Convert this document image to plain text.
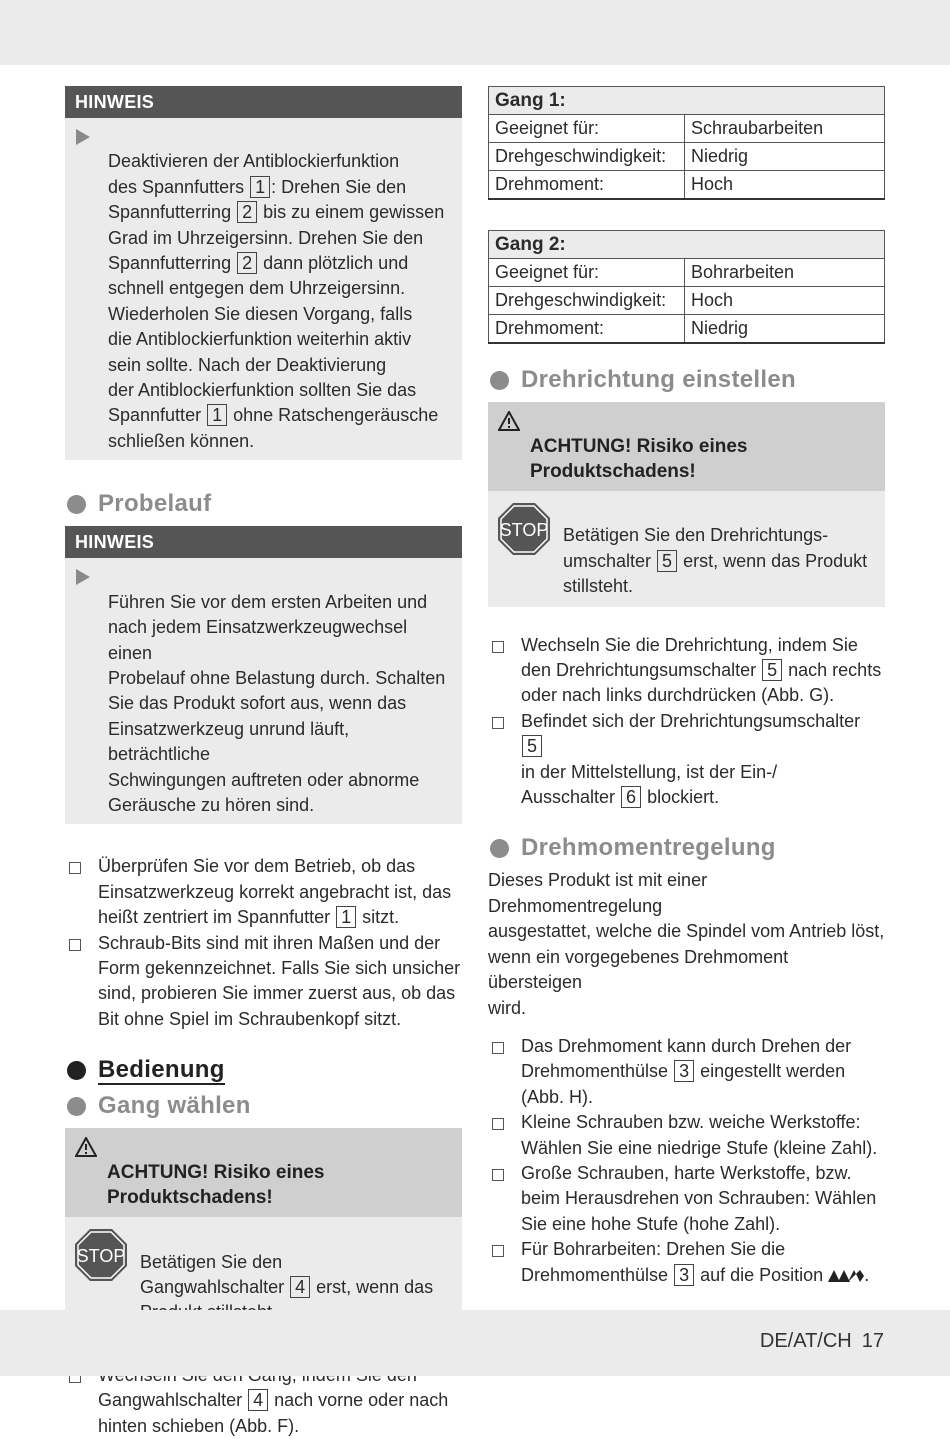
HINWEIS

Deaktivieren der Antiblockierfunktion
des Spannfutters 1 : Drehen Sie den
Spannfutterring 2 bis zu einem gewissen
Grad im Uhrzeigersinn. Drehen Sie den
Spannfutterring 2 dann plötzlich und
schnell entgegen dem Uhrzeigersinn.
Wiederholen Sie diesen Vorgang, falls
die Antiblockierfunktion weiterhin aktiv
sein sollte. Nach der Deaktivierung
der Antiblockierfunktion sollten Sie das
Spannfutter 1 ohne Ratschengeräusche
schließen können.

Probelauf
HINWEIS

Führen Sie vor dem ersten Arbeiten und
nach jedem Einsatzwerkzeugwechsel einen
Probelauf ohne Belastung durch. Schalten
Sie das Produkt sofort aus, wenn das
Einsatzwerkzeug unrund läuft, beträchtliche
Schwingungen auftreten oder abnorme
Geräusche zu hören sind.

Überprüfen Sie vor dem Betrieb, ob das
Einsatzwerkzeug korrekt angebracht ist, das
heißt zentriert im Spannfutter 1 sitzt.
Schraub-Bits sind mit ihren Maßen und der
Form gekennzeichnet. Falls Sie sich unsicher
sind, probieren Sie immer zuerst aus, ob das
Bit ohne Spiel im Schraubenkopf sitzt.
Bedienung
Gang wählen

ACHTUNG! Risiko eines
Produktschadens!

STOP Betätigen Sie den
Gangwahlschalter 4 erst, wenn das

Gangwahlschalter 4 nach vorne oder nach
hinten schieben (Abb. F).
Gang 1:	
Geeignet für:	Schraubarbeiten
Drehgeschwindigkeit:	Niedrig
Drehmoment:	Hoch
Gang 2:	
Geeignet für:	Bohrarbeiten
Drehgeschwindigkeit:	Hoch
Drehmoment:	Niedrig
Drehrichtung einstellen

ACHTUNG! Risiko eines
Produktschadens!

STOP Betätigen Sie den Drehrichtungs-
umschalter 5 erst, wenn das Produkt
stillsteht.

Wechseln Sie die Drehrichtung, indem Sie
den Drehrichtungsumschalter 5 nach rechts
oder nach links durchdrücken (Abb. G).
Befindet sich der Drehrichtungsumschalter 5
in der Mittelstellung, ist der Ein-/
Ausschalter 6 blockiert.
Drehmomentregelung
Dieses Produkt ist mit einer Drehmomentregelung
ausgestattet, welche die Spindel vom Antrieb löst,
wenn ein vorgegebenes Drehmoment übersteigen
wird.
Das Drehmoment kann durch Drehen der
Drehmomenthülse 3 eingestellt werden
(Abb. H).
Kleine Schrauben bzw. weiche Werkstoffe:
Wählen Sie eine niedrige Stufe (kleine Zahl).
Große Schrauben, harte Werkstoffe, bzw.
beim Herausdrehen von Schrauben: Wählen
Sie eine hohe Stufe (hohe Zahl).
Für Bohrarbeiten: Drehen Sie die
Drehmomenthülse 3 auf die Position .
DE/AT/CH 17
